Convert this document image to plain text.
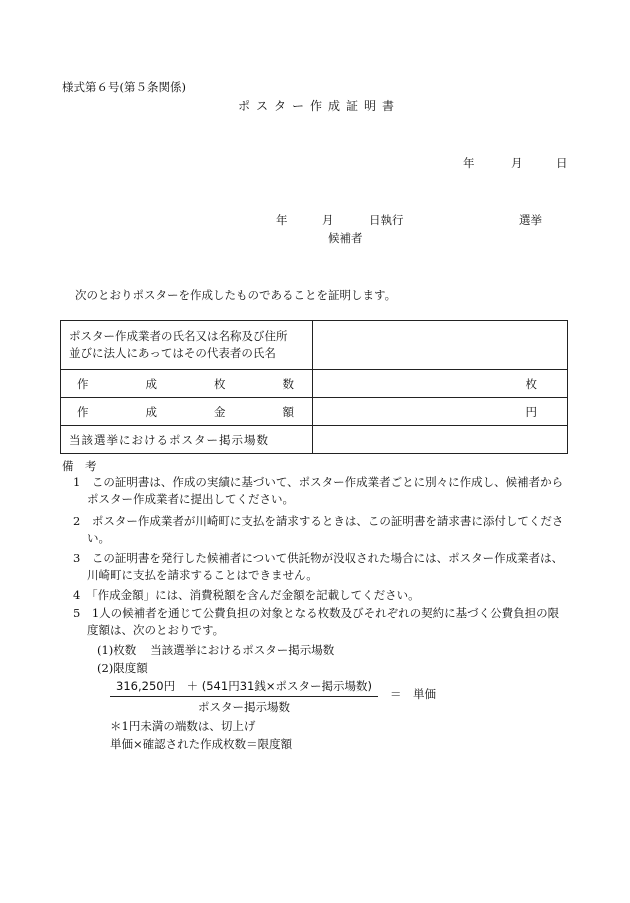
様式第６号(第５条関係)
ポスター作成証明書
年	月	日
年	月	日執行	選挙
候補者
次のとおりポスターを作成したものであることを証明します。
ポスター作成業者の氏名又は名称及び住所
並びに法人にあってはその代表者の氏名	

作 成 枚 数	枚

作 成 金 額	円
当該選挙におけるポスター掲示場数	
備　考
1　 この証明書は、作成の実績に基づいて、ポスター作成業者ごとに別々に作成し、候補者から
ポスター作成業者に提出してください。
2　 ポスター作成業者が川崎町に支払を請求するときは、この証明書を請求書に添付してくださ
い。
3　 この証明書を発行した候補者について供託物が没収された場合には、ポスター作成業者は、
川崎町に支払を請求することはできません。
4　 「作成金額」には、消費税額を含んだ金額を記載してください。
5　 1人の候補者を通じて公費負担の対象となる枚数及びそれぞれの契約に基づく公費負担の限
度額は、次のとおりです。
(1)枚数 当該選挙におけるポスター掲示場数
(2)限度額
316,250円　＋ (541円31銭×ポスター掲示場数)
ポスター掲示場数
＝　単価
＊1円未満の端数は、切上げ
単価×確認された作成枚数＝限度額
